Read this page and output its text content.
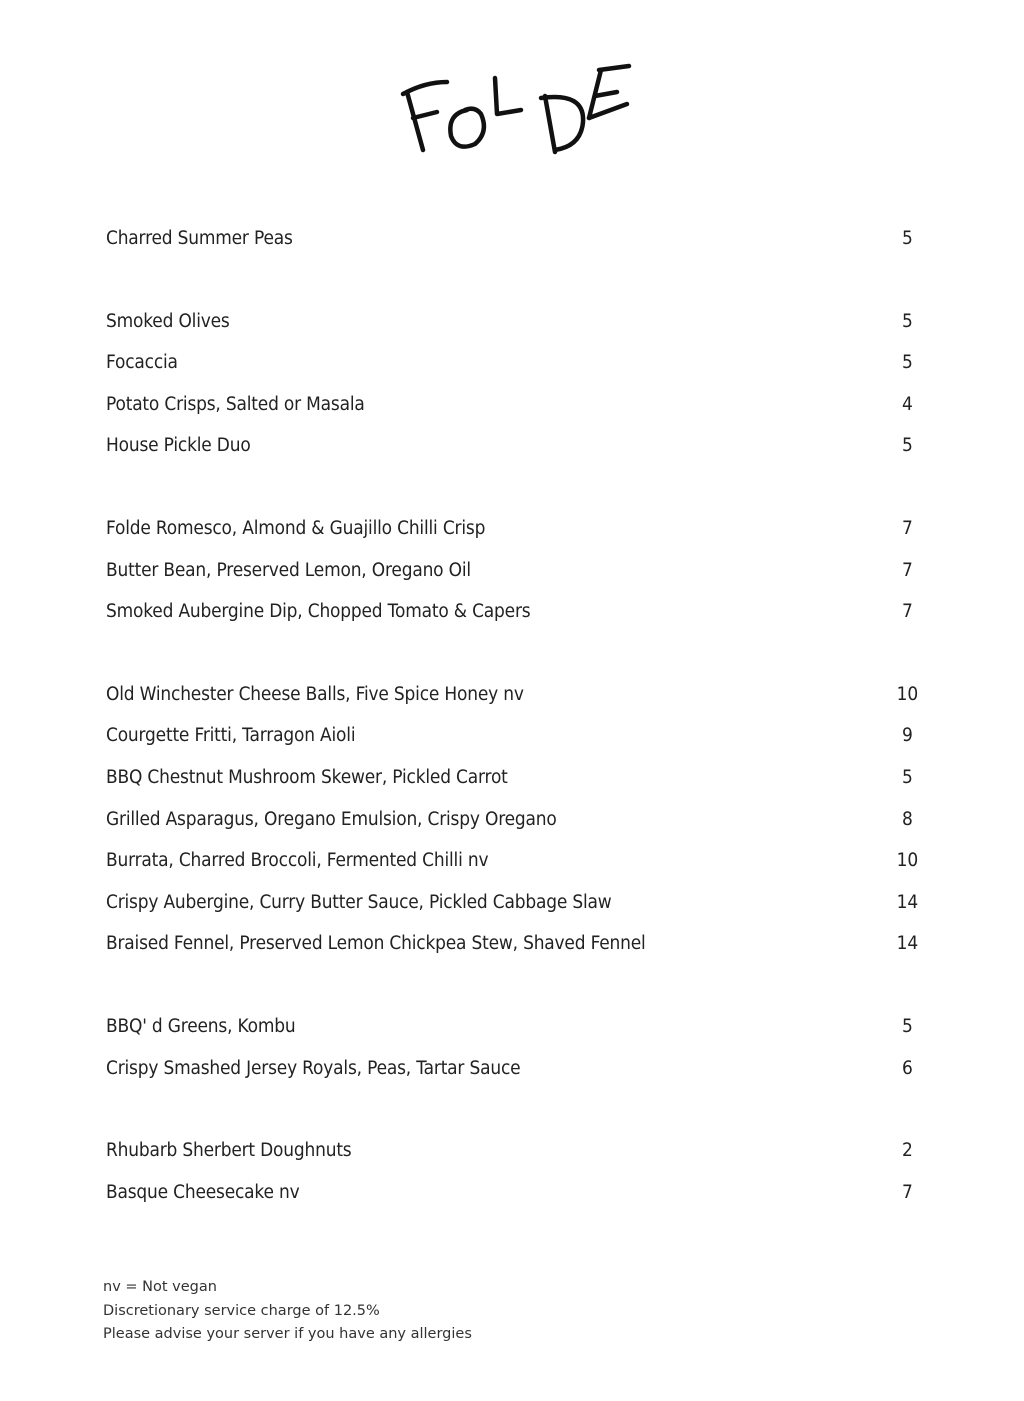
Charred Summer Peas	5
Smoked Olives	5
Focaccia	5
Potato Crisps, Salted or Masala	4
House Pickle Duo	5
Folde Romesco, Almond & Guajillo Chilli Crisp	7
Butter Bean, Preserved Lemon, Oregano Oil	7
Smoked Aubergine Dip, Chopped Tomato & Capers	7
Old Winchester Cheese Balls, Five Spice Honey nv	10
Courgette Fritti, Tarragon Aioli	9
BBQ Chestnut Mushroom Skewer, Pickled Carrot	5
Grilled Asparagus, Oregano Emulsion, Crispy Oregano	8
Burrata, Charred Broccoli, Fermented Chilli nv	10
Crispy Aubergine, Curry Butter Sauce, Pickled Cabbage Slaw	14
Braised Fennel, Preserved Lemon Chickpea Stew, Shaved Fennel	14
BBQ' d Greens, Kombu	5
Crispy Smashed Jersey Royals, Peas, Tartar Sauce	6
Rhubarb Sherbert Doughnuts	2
Basque Cheesecake nv	7
nv = Not vegan
Discretionary service charge of 12.5%
Please advise your server if you have any allergies
